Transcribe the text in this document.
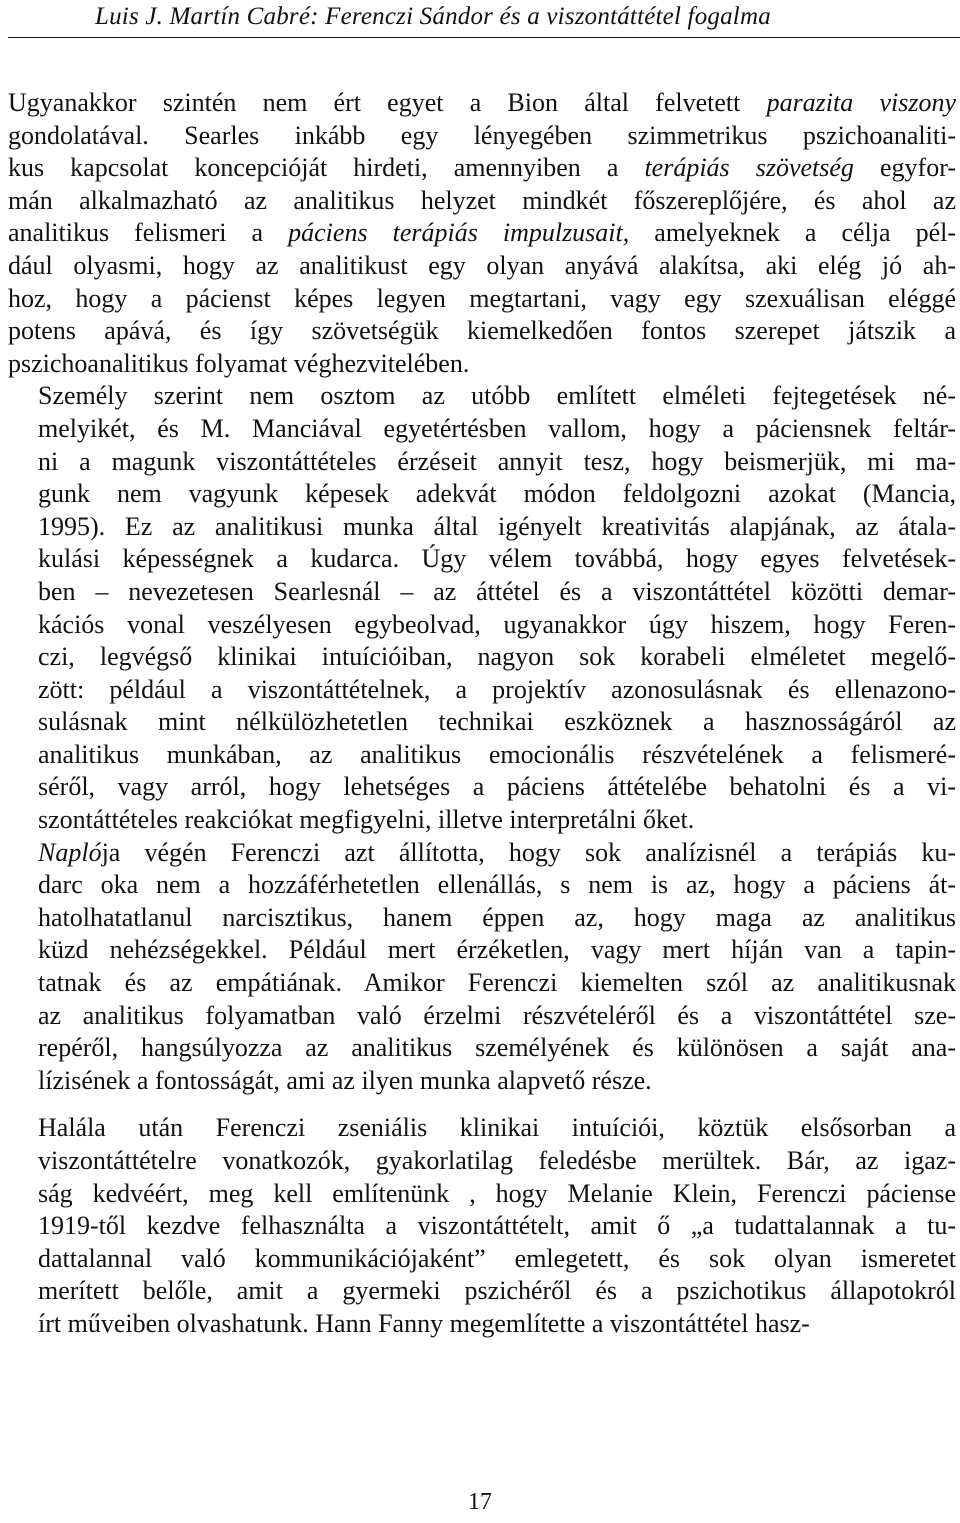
Luis J. Martín Cabré: Ferenczi Sándor és a viszontáttétel fogalma
Ugyanakkor szintén nem ért egyet a Bion által felvetett parazita viszony
gondolatával. Searles inkább egy lényegében szimmetrikus pszichoanaliti-
kus kapcsolat koncepcióját hirdeti, amennyiben a terápiás szövetség egyfor-
mán alkalmazható az analitikus helyzet mindkét főszereplőjére, és ahol az
analitikus felismeri a páciens terápiás impulzusait, amelyeknek a célja pél-
dául olyasmi, hogy az analitikust egy olyan anyává alakítsa, aki elég jó ah-
hoz, hogy a pácienst képes legyen megtartani, vagy egy szexuálisan eléggé
potens apává, és így szövetségük kiemelkedően fontos szerepet játszik a
pszichoanalitikus folyamat véghezvitelében.
Személy szerint nem osztom az utóbb említett elméleti fejtegetések né-
melyikét, és M. Manciával egyetértésben vallom, hogy a páciensnek feltár-
ni a magunk viszontáttételes érzéseit annyit tesz, hogy beismerjük, mi ma-
gunk nem vagyunk képesek adekvát módon feldolgozni azokat (Mancia,
1995). Ez az analitikusi munka által igényelt kreativitás alapjának, az átala-
kulási képességnek a kudarca. Úgy vélem továbbá, hogy egyes felvetések-
ben – nevezetesen Searlesnál – az áttétel és a viszontáttétel közötti demar-
kációs vonal veszélyesen egybeolvad, ugyanakkor úgy hiszem, hogy Feren-
czi, legvégső klinikai intuícióiban, nagyon sok korabeli elméletet megelő-
zött: például a viszontáttételnek, a projektív azonosulásnak és ellenazono-
sulásnak mint nélkülözhetetlen technikai eszköznek a hasznosságáról az
analitikus munkában, az analitikus emocionális részvételének a felismeré-
séről, vagy arról, hogy lehetséges a páciens áttételébe behatolni és a vi-
szontáttételes reakciókat megfigyelni, illetve interpretálni őket.
Naplója végén Ferenczi azt állította, hogy sok analízisnél a terápiás ku-
darc oka nem a hozzáférhetetlen ellenállás, s nem is az, hogy a páciens át-
hatolhatatlanul narcisztikus, hanem éppen az, hogy maga az analitikus
küzd nehézségekkel. Például mert érzéketlen, vagy mert híján van a tapin-
tatnak és az empátiának. Amikor Ferenczi kiemelten szól az analitikusnak
az analitikus folyamatban való érzelmi részvételéről és a viszontáttétel sze-
repéről, hangsúlyozza az analitikus személyének és különösen a saját ana-
lízisének a fontosságát, ami az ilyen munka alapvető része.
Halála után Ferenczi zseniális klinikai intuíciói, köztük elsősorban a
viszontáttételre vonatkozók, gyakorlatilag feledésbe merültek. Bár, az igaz-
ság kedvéért, meg kell említenünk , hogy Melanie Klein, Ferenczi páciense
1919-től kezdve felhasználta a viszontáttételt, amit ő „a tudattalannak a tu-
dattalannal való kommunikációjaként” emlegetett, és sok olyan ismeretet
merített belőle, amit a gyermeki pszichéről és a pszichotikus állapotokról
írt műveiben olvashatunk. Hann Fanny megemlítette a viszontáttétel hasz-
17
